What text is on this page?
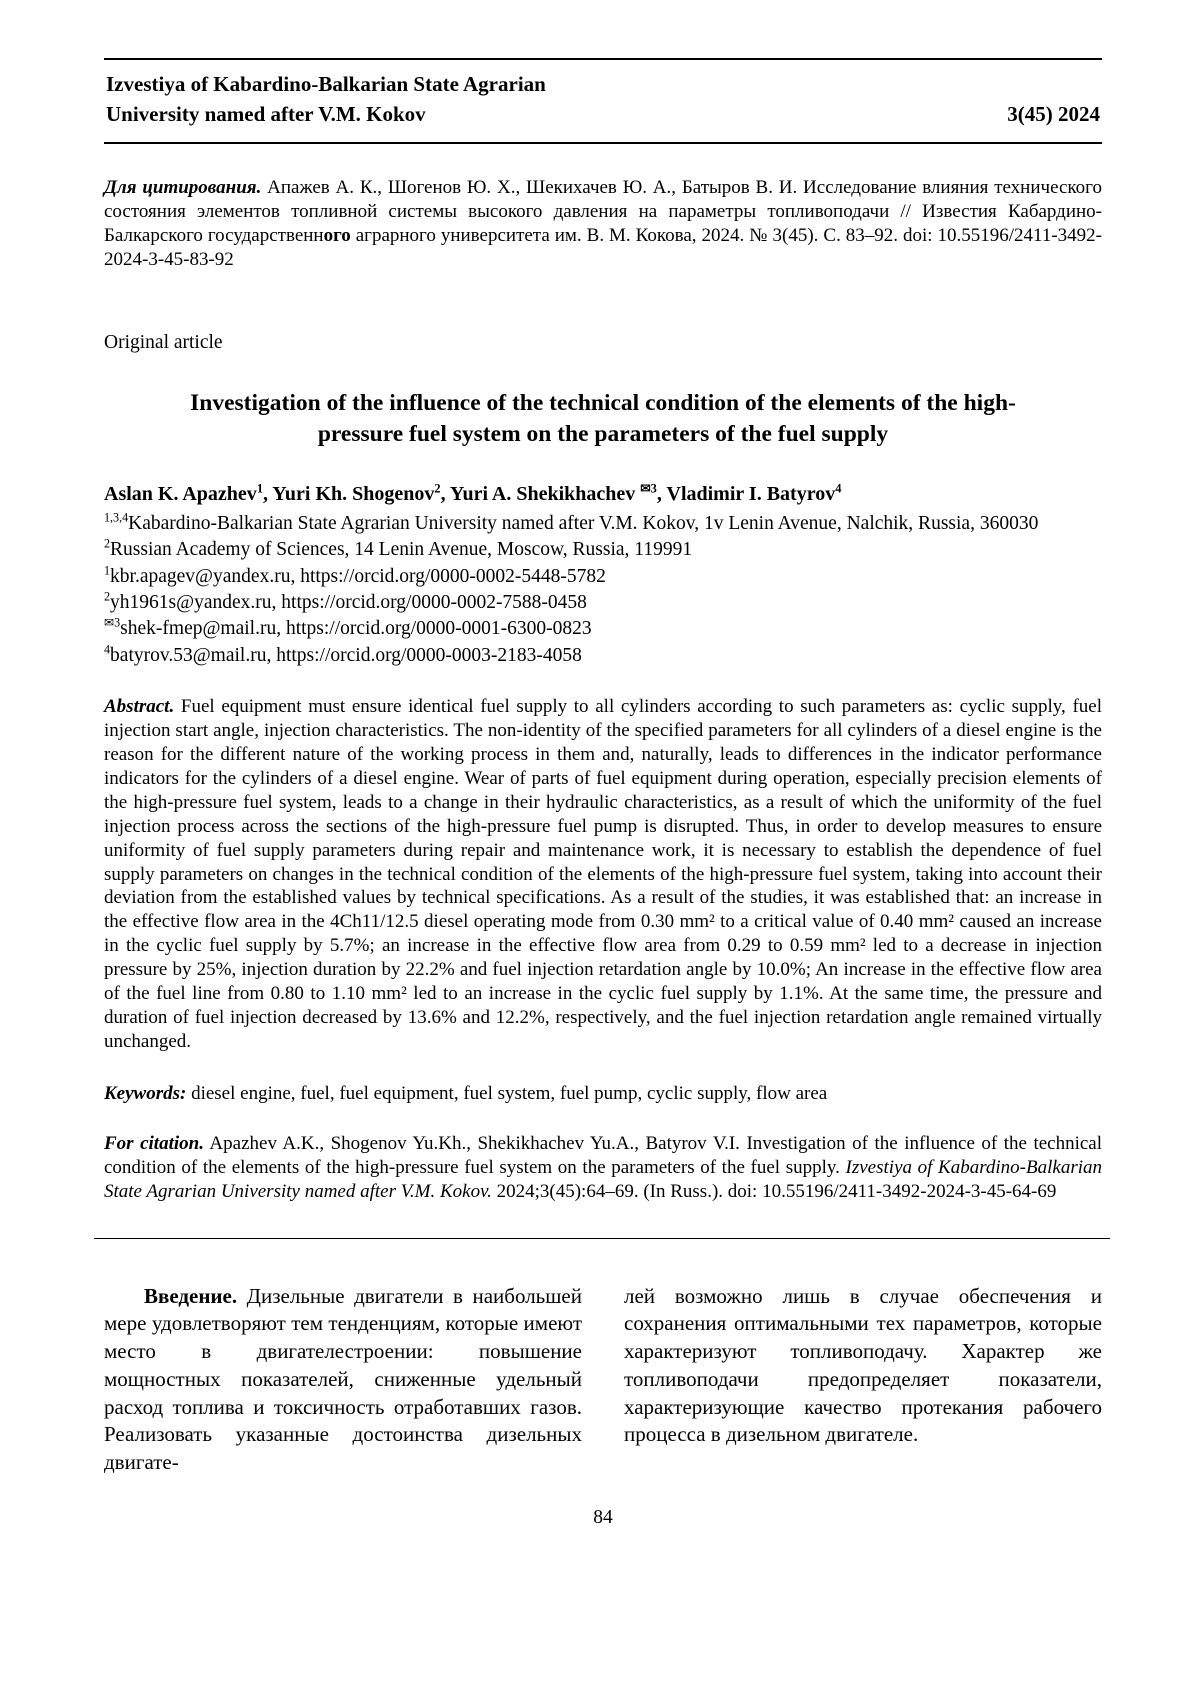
Izvestiya of Kabardino-Balkarian State Agrarian
University named after V.M. Kokov	3(45) 2024

Для цитирования. Апажев А. К., Шогенов Ю. Х., Шекихачев Ю. А., Батыров В. И. Исследование влияния технического состояния элементов топливной системы высокого давления на параметры топливоподачи // Известия Кабардино-Балкарского государственного аграрного университета им. В. М. Кокова, 2024. № 3(45). С. 83–92. doi: 10.55196/2411-3492-2024-3-45-83-92

Original article

Investigation of the influence of the technical condition of the elements of the high-pressure fuel system on the parameters of the fuel supply

Aslan K. Apazhev$^1$, Yuri Kh. Shogenov$^2$, Yuri A. Shekikhachev $^{✉3}$, Vladimir I. Batyrov$^4$

$^{1,3,4}$Kabardino-Balkarian State Agrarian University named after V.M. Kokov, 1v Lenin Avenue, Nalchik, Russia, 360030
$^2$Russian Academy of Sciences, 14 Lenin Avenue, Moscow, Russia, 119991
$^1$kbr.apagev@yandex.ru, https://orcid.org/0000-0002-5448-5782
$^2$yh1961s@yandex.ru, https://orcid.org/0000-0002-7588-0458
$^{✉3}$shek-fmep@mail.ru, https://orcid.org/0000-0001-6300-0823
$^4$batyrov.53@mail.ru, https://orcid.org/0000-0003-2183-4058

Abstract. Fuel equipment must ensure identical fuel supply to all cylinders according to such parameters as: cyclic supply, fuel injection start angle, injection characteristics. The non-identity of the specified parameters for all cylinders of a diesel engine is the reason for the different nature of the working process in them and, naturally, leads to differences in the indicator performance indicators for the cylinders of a diesel engine. Wear of parts of fuel equipment during operation, especially precision elements of the high-pressure fuel system, leads to a change in their hydraulic characteristics, as a result of which the uniformity of the fuel injection process across the sections of the high-pressure fuel pump is disrupted. Thus, in order to develop measures to ensure uniformity of fuel supply parameters during repair and maintenance work, it is necessary to establish the dependence of fuel supply parameters on changes in the technical condition of the elements of the high-pressure fuel system, taking into account their deviation from the established values by technical specifications. As a result of the studies, it was established that: an increase in the effective flow area in the 4Ch11/12.5 diesel operating mode from 0.30 mm² to a critical value of 0.40 mm² caused an increase in the cyclic fuel supply by 5.7%; an increase in the effective flow area from 0.29 to 0.59 mm² led to a decrease in injection pressure by 25%, injection duration by 22.2% and fuel injection retardation angle by 10.0%; An increase in the effective flow area of the fuel line from 0.80 to 1.10 mm² led to an increase in the cyclic fuel supply by 1.1%. At the same time, the pressure and duration of fuel injection decreased by 13.6% and 12.2%, respectively, and the fuel injection retardation angle remained virtually unchanged.

Keywords: diesel engine, fuel, fuel equipment, fuel system, fuel pump, cyclic supply, flow area

For citation. Apazhev A.K., Shogenov Yu.Kh., Shekikhachev Yu.A., Batyrov V.I. Investigation of the influence of the technical condition of the elements of the high-pressure fuel system on the parameters of the fuel supply. Izvestiya of Kabardino-Balkarian State Agrarian University named after V.M. Kokov. 2024;3(45):64–69. (In Russ.). doi: 10.55196/2411-3492-2024-3-45-64-69

Введение. Дизельные двигатели в наибольшей мере удовлетворяют тем тенденциям, которые имеют место в двигателестроении: повышение мощностных показателей, сниженные удельный расход топлива и токсичность отработавших газов. Реализовать указанные достоинства дизельных двигате-

лей возможно лишь в случае обеспечения и сохранения оптимальными тех параметров, которые характеризуют топливоподачу. Характер же топливоподачи предопределяет показатели, характеризующие качество протекания рабочего процесса в дизельном двигателе.

84
